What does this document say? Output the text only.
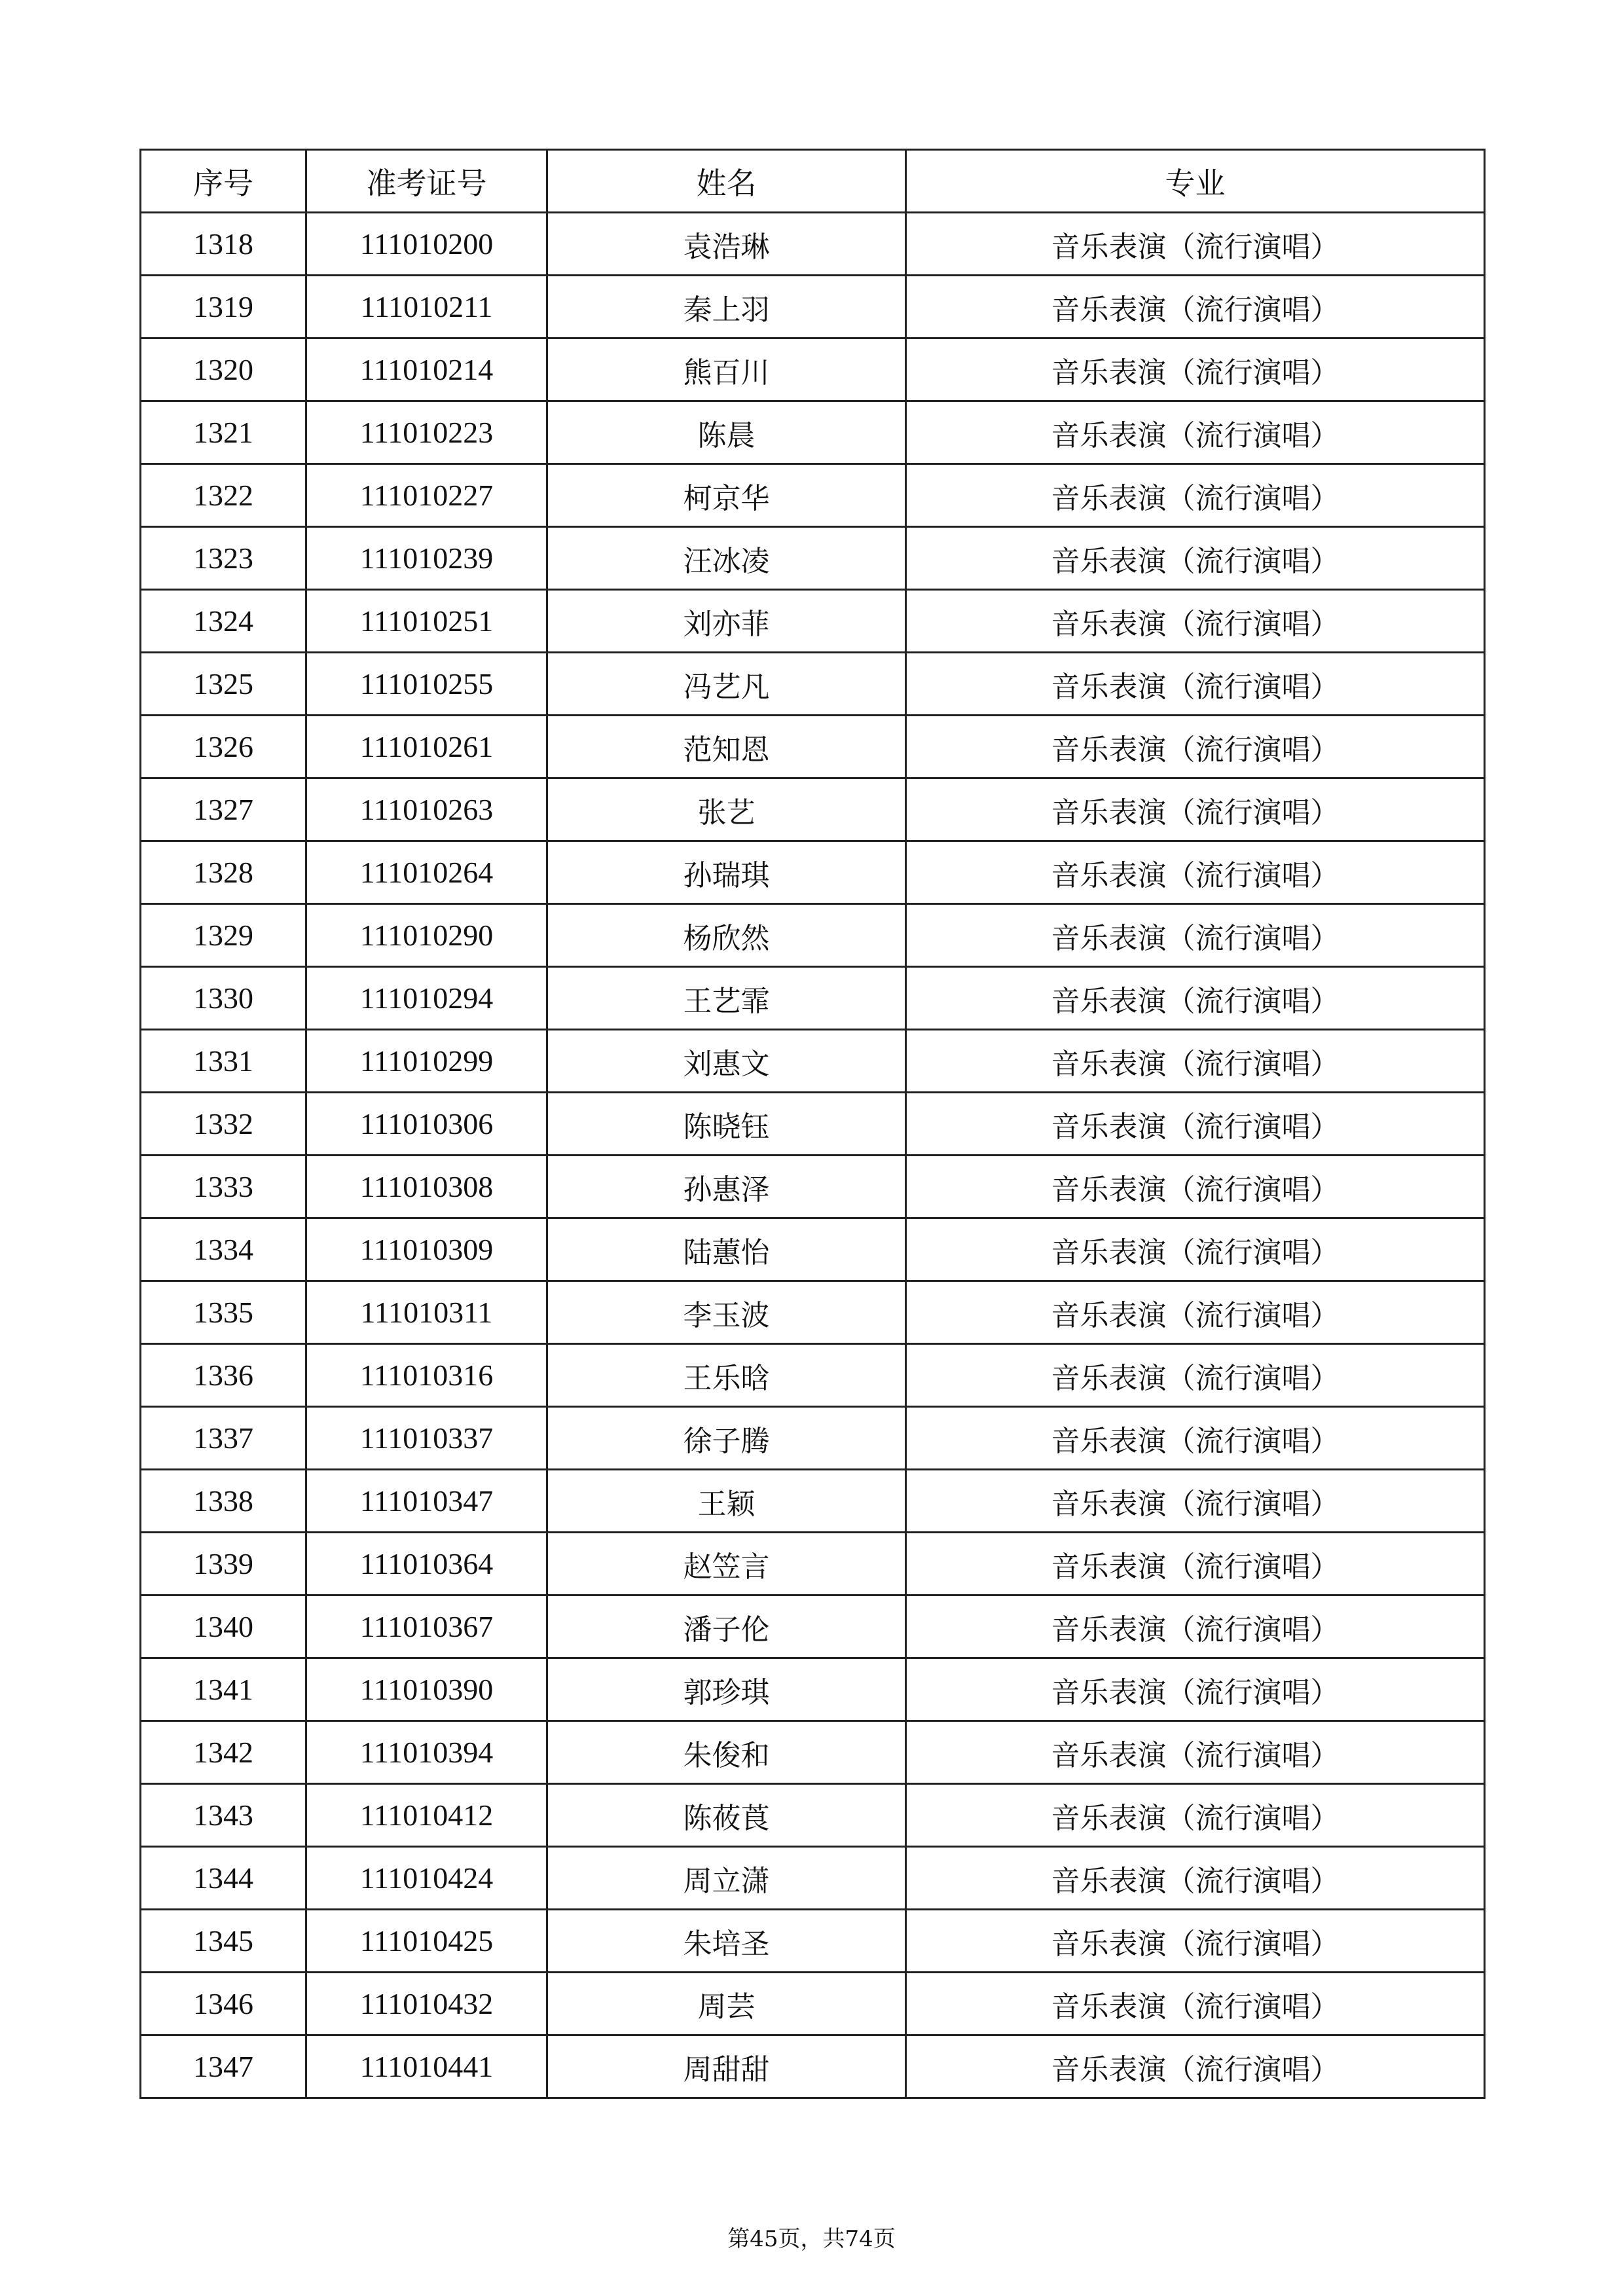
序号	准考证号	姓名	专业
1318	111010200	袁浩琳	音乐表演（流行演唱）
1319	111010211	秦上羽	音乐表演（流行演唱）
1320	111010214	熊百川	音乐表演（流行演唱）
1321	111010223	陈晨	音乐表演（流行演唱）
1322	111010227	柯京华	音乐表演（流行演唱）
1323	111010239	汪冰凌	音乐表演（流行演唱）
1324	111010251	刘亦菲	音乐表演（流行演唱）
1325	111010255	冯艺凡	音乐表演（流行演唱）
1326	111010261	范知恩	音乐表演（流行演唱）
1327	111010263	张艺	音乐表演（流行演唱）
1328	111010264	孙瑞琪	音乐表演（流行演唱）
1329	111010290	杨欣然	音乐表演（流行演唱）
1330	111010294	王艺霏	音乐表演（流行演唱）
1331	111010299	刘惠文	音乐表演（流行演唱）
1332	111010306	陈晓钰	音乐表演（流行演唱）
1333	111010308	孙惠泽	音乐表演（流行演唱）
1334	111010309	陆蕙怡	音乐表演（流行演唱）
1335	111010311	李玉波	音乐表演（流行演唱）
1336	111010316	王乐晗	音乐表演（流行演唱）
1337	111010337	徐子腾	音乐表演（流行演唱）
1338	111010347	王颖	音乐表演（流行演唱）
1339	111010364	赵笠言	音乐表演（流行演唱）
1340	111010367	潘子伦	音乐表演（流行演唱）
1341	111010390	郭珍琪	音乐表演（流行演唱）
1342	111010394	朱俊和	音乐表演（流行演唱）
1343	111010412	陈莜莨	音乐表演（流行演唱）
1344	111010424	周立潇	音乐表演（流行演唱）
1345	111010425	朱培圣	音乐表演（流行演唱）
1346	111010432	周芸	音乐表演（流行演唱）
1347	111010441	周甜甜	音乐表演（流行演唱）
第45页，共74页
